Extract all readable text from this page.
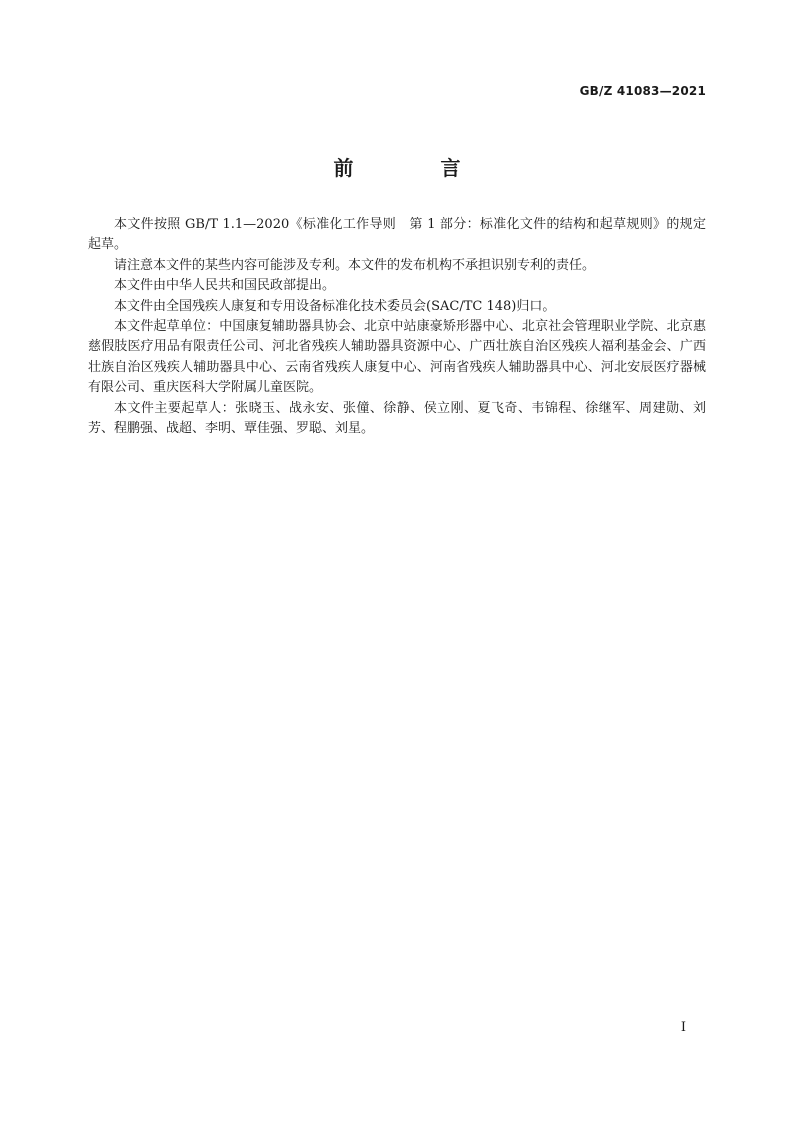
GB/Z 41083—2021
前 言

本文件按照 GB/T 1.1—2020《标准化工作导则　第 1 部分：标准化文件的结构和起草规则》的规定起草。

请注意本文件的某些内容可能涉及专利。本文件的发布机构不承担识别专利的责任。

本文件由中华人民共和国民政部提出。

本文件由全国残疾人康复和专用设备标准化技术委员会(SAC/TC 148)归口。

本文件起草单位：中国康复辅助器具协会、北京中站康豪矫形器中心、北京社会管理职业学院、北京惠慈假肢医疗用品有限责任公司、河北省残疾人辅助器具资源中心、广西壮族自治区残疾人福利基金会、广西壮族自治区残疾人辅助器具中心、云南省残疾人康复中心、河南省残疾人辅助器具中心、河北安辰医疗器械有限公司、重庆医科大学附属儿童医院。

本文件主要起草人：张晓玉、战永安、张僮、徐静、侯立刚、夏飞奇、韦锦程、徐继军、周建勋、刘芳、程鹏强、战超、李明、覃佳强、罗聪、刘星。

I
